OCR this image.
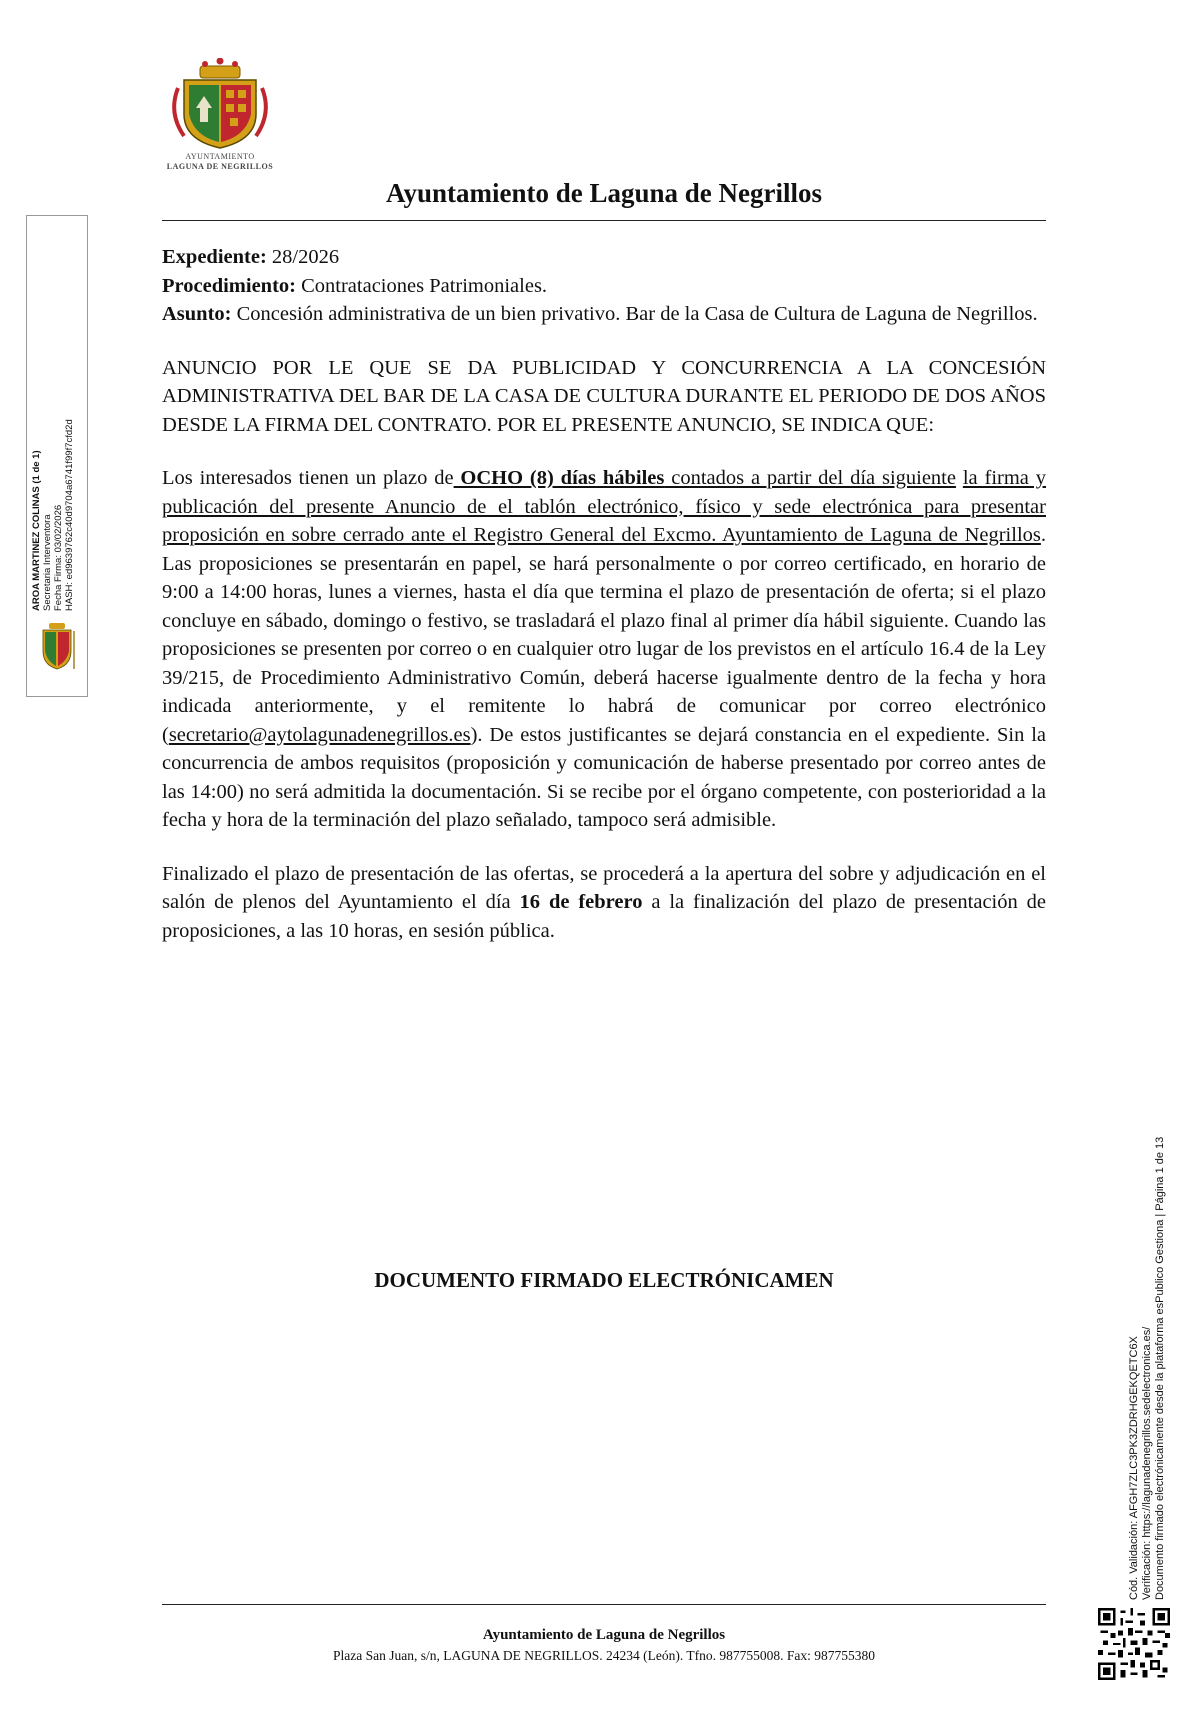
AYUNTAMIENTO
LAGUNA DE NEGRILLOS
Ayuntamiento de Laguna de Negrillos

Expediente: 28/2026

Procedimiento: Contrataciones Patrimoniales.

Asunto: Concesión administrativa de un bien privativo. Bar de la Casa de Cultura de Laguna de Negrillos.

ANUNCIO POR LE QUE SE DA PUBLICIDAD Y CONCURRENCIA A LA CONCESIÓN ADMINISTRATIVA DEL BAR DE LA CASA DE CULTURA DURANTE EL PERIODO DE DOS AÑOS DESDE LA FIRMA DEL CONTRATO. POR EL PRESENTE ANUNCIO, SE INDICA QUE:

Los interesados tienen un plazo de OCHO (8) días hábiles contados a partir del día siguiente la firma y publicación del presente Anuncio de el tablón electrónico, físico y sede electrónica para presentar proposición en sobre cerrado ante el Registro General del Excmo. Ayuntamiento de Laguna de Negrillos. Las proposiciones se presentarán en papel, se hará personalmente o por correo certificado, en horario de 9:00 a 14:00 horas, lunes a viernes, hasta el día que termina el plazo de presentación de oferta; si el plazo concluye en sábado, domingo o festivo, se trasladará el plazo final al primer día hábil siguiente. Cuando las proposiciones se presenten por correo o en cualquier otro lugar de los previstos en el artículo 16.4 de la Ley 39/215, de Procedimiento Administrativo Común, deberá hacerse igualmente dentro de la fecha y hora indicada anteriormente, y el remitente lo habrá de comunicar por correo electrónico (secretario@aytolagunadenegrillos.es). De estos justificantes se dejará constancia en el expediente. Sin la concurrencia de ambos requisitos (proposición y comunicación de haberse presentado por correo antes de las 14:00) no será admitida la documentación. Si se recibe por el órgano competente, con posterioridad a la fecha y hora de la terminación del plazo señalado, tampoco será admisible.

Finalizado el plazo de presentación de las ofertas, se procederá a la apertura del sobre y adjudicación en el salón de plenos del Ayuntamiento el día 16 de febrero a la finalización del plazo de presentación de proposiciones, a las 10 horas, en sesión pública.

DOCUMENTO FIRMADO ELECTRÓNICAMEN
Ayuntamiento de Laguna de Negrillos
Plaza San Juan, s/n, LAGUNA DE NEGRILLOS. 24234 (León). Tfno. 987755008. Fax: 987755380
AROA MARTINEZ COLINAS (1 de 1) Secretaria Interventora Fecha Firma: 03/02/2026 HASH: ed9639762c40d9704a6741f99f7cfd2d
Cód. Validación: AFGH7ZLC3PK3ZDRHGEKQETC6X Verificación: https://lagunadenegrillos.sedelectronica.es/ Documento firmado electrónicamente desde la plataforma esPublico Gestiona | Página 1 de 13
